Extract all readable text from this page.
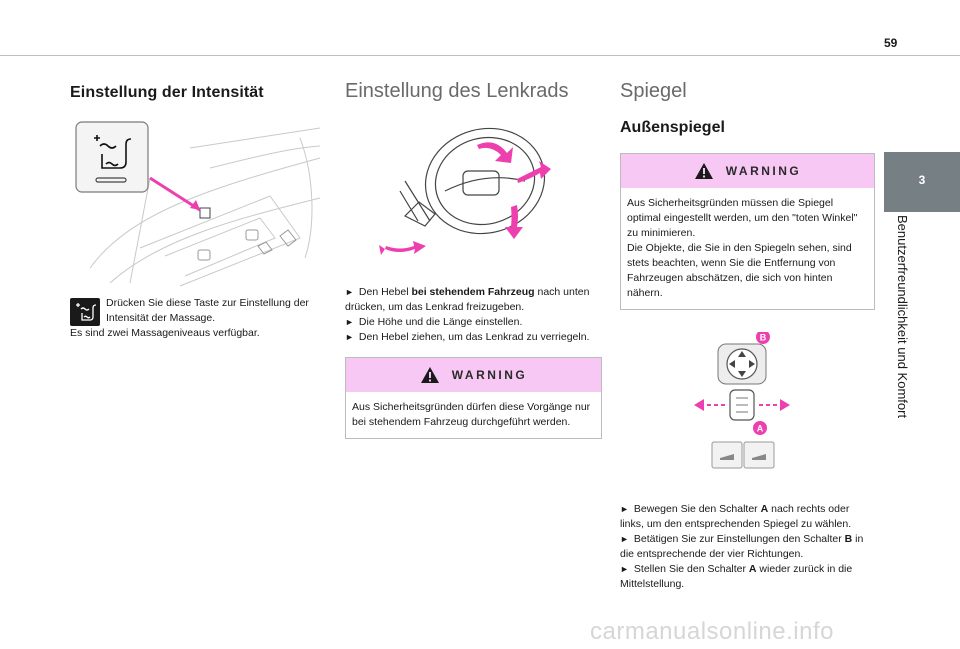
59
Einstellung der Intensität

Drücken Sie diese Taste zur Einstellung der Intensität der Massage.

Es sind zwei Massageniveaus verfügbar.

Einstellung des Lenkrads

► Den Hebel bei stehendem Fahrzeug nach unten drücken, um das Lenkrad freizugeben.

► Die Höhe und die Länge einstellen.

► Den Hebel ziehen, um das Lenkrad zu verriegeln.

WARNING
Aus Sicherheitsgründen dürfen diese Vorgänge nur bei stehendem Fahrzeug durchgeführt werden.
Spiegel
Außenspiegel
WARNING
Aus Sicherheitsgründen müssen die Spiegel optimal eingestellt werden, um den "toten Winkel" zu minimieren.
Die Objekte, die Sie in den Spiegeln sehen, sind stets beachten, wenn Sie die Entfernung von Fahrzeugen abschätzen, die sich von hinten nähern.
B
A

► Bewegen Sie den Schalter A nach rechts oder links, um den entsprechenden Spiegel zu wählen.

► Betätigen Sie zur Einstellungen den Schalter B in die entsprechende der vier Richtungen.

► Stellen Sie den Schalter A wieder zurück in die Mittelstellung.

3
Benutzerfreundlichkeit und Komfort
carmanualsonline.info
